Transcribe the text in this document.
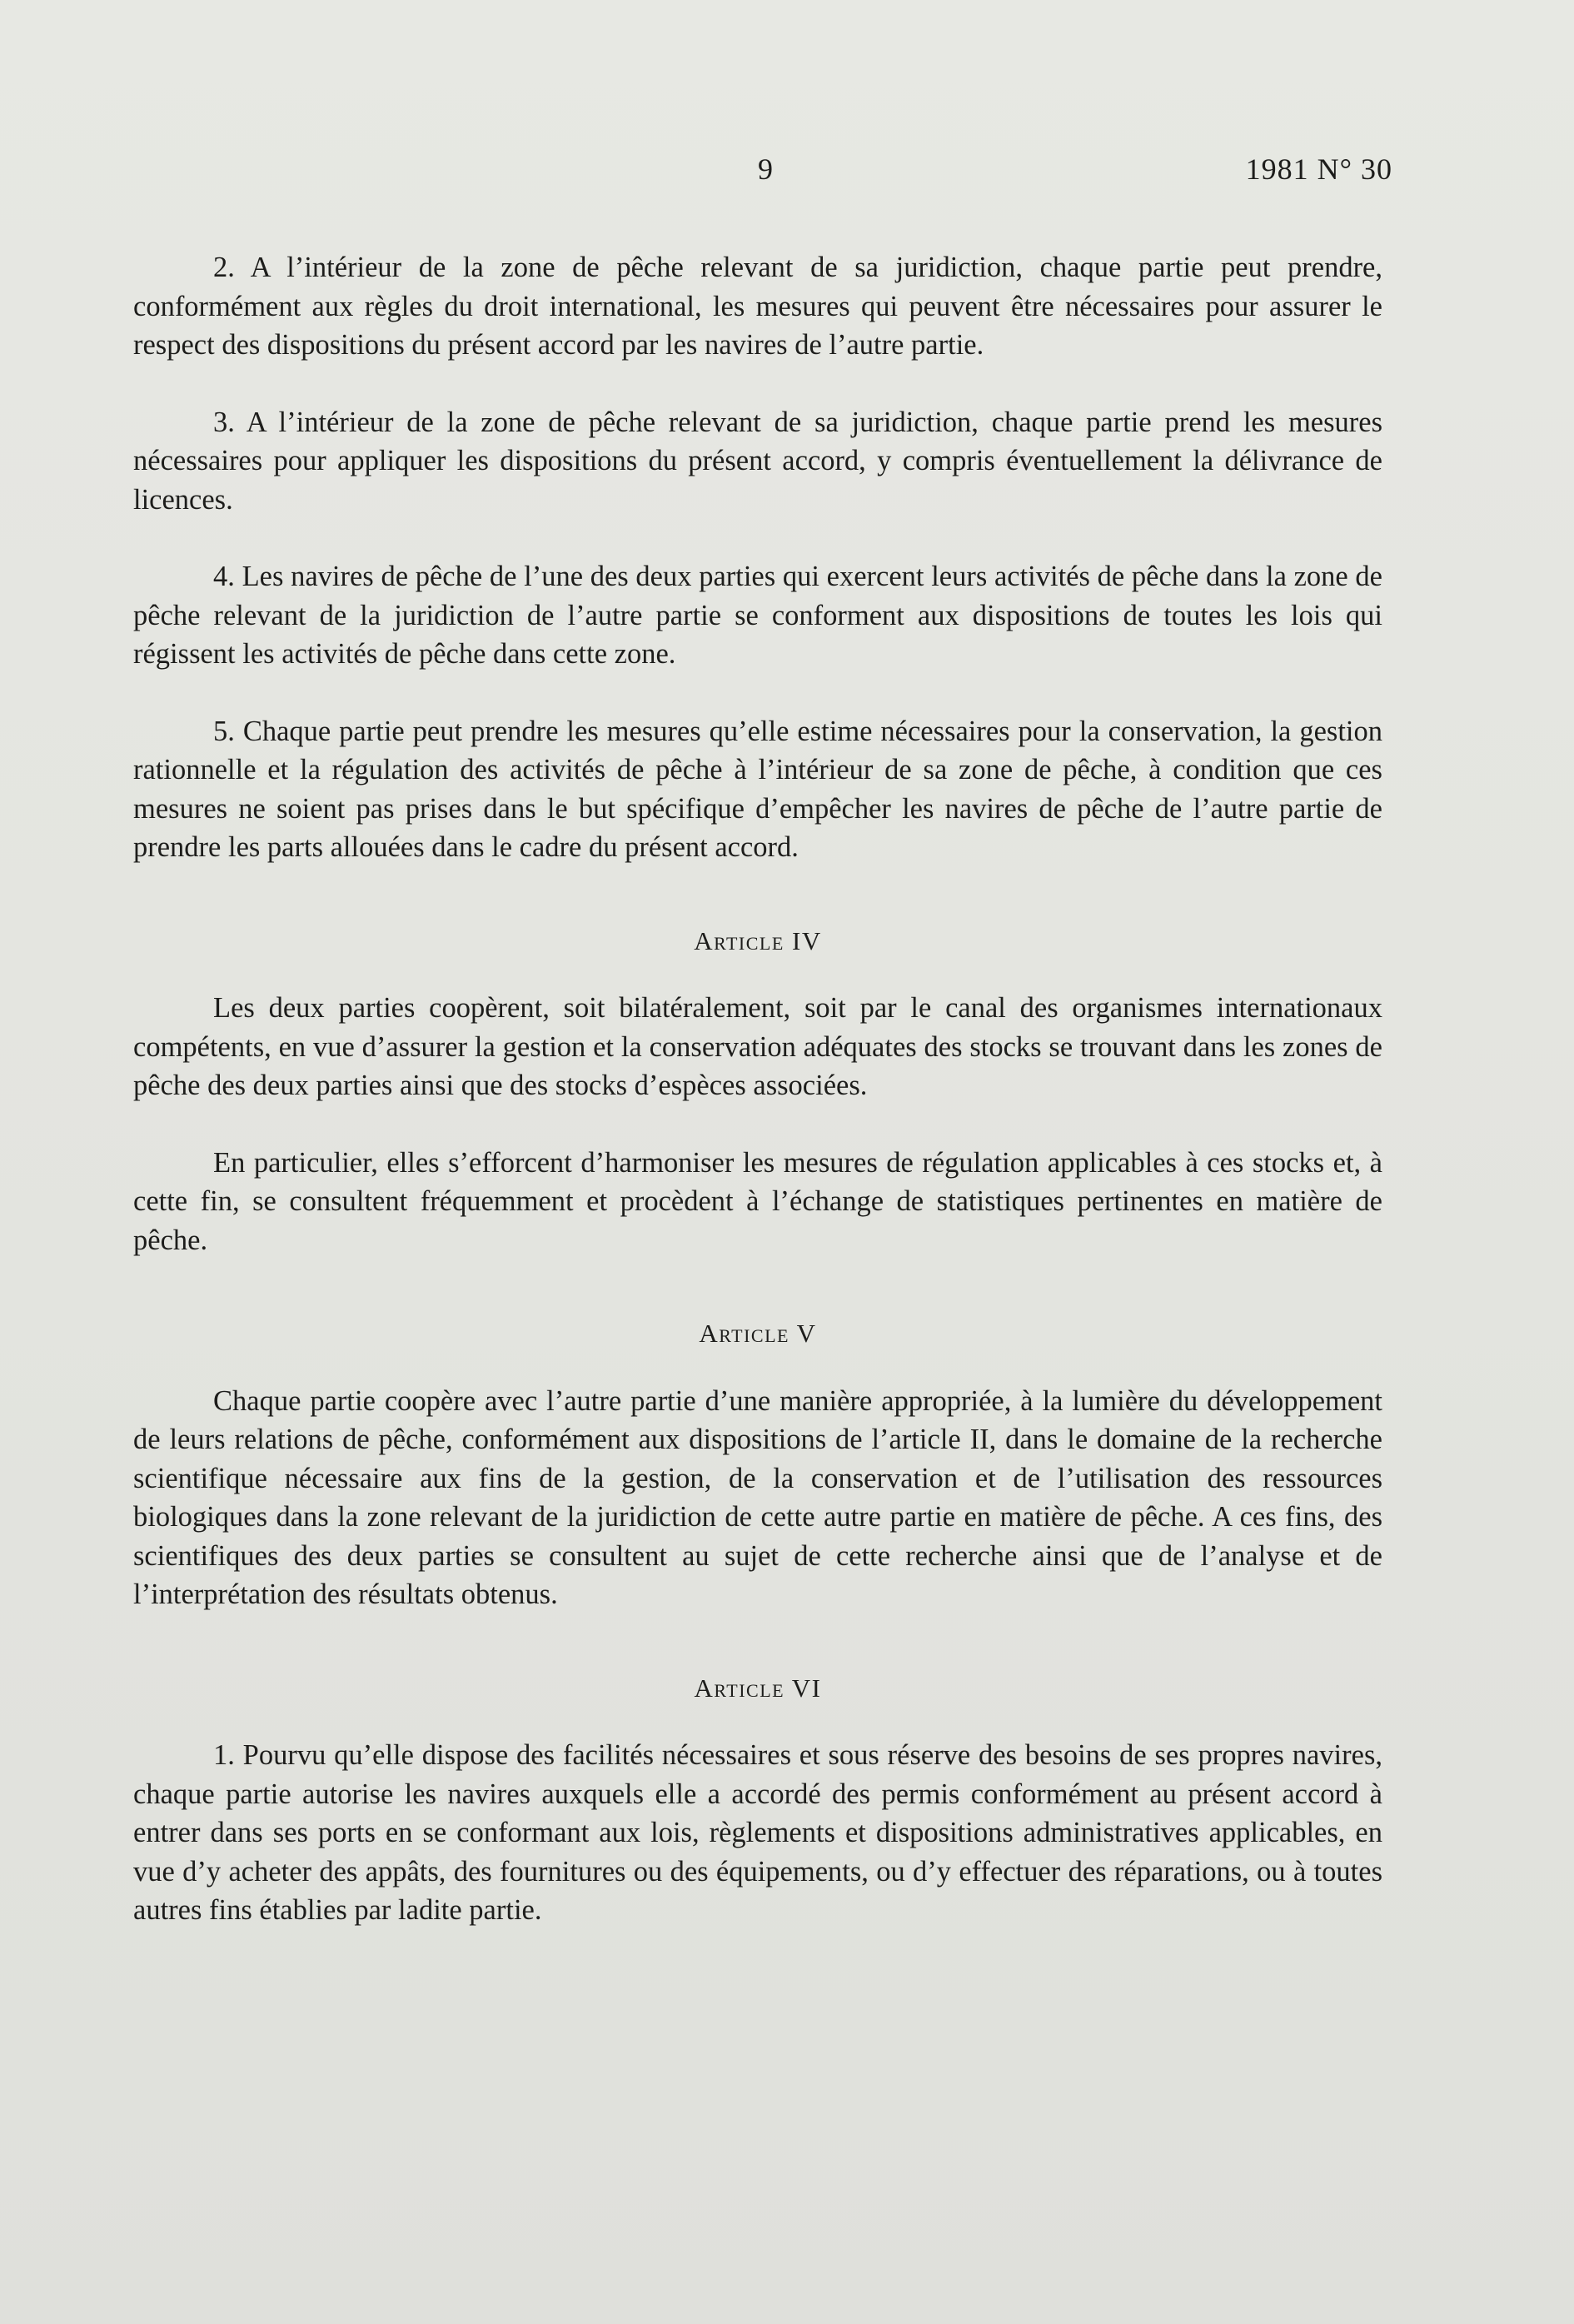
9	1981 N° 30

2. A l’intérieur de la zone de pêche relevant de sa juridiction, chaque partie peut prendre, conformément aux règles du droit international, les mesures qui peuvent être nécessaires pour assurer le respect des dispositions du présent accord par les navires de l’autre partie.

3. A l’intérieur de la zone de pêche relevant de sa juridiction, chaque partie prend les mesures nécessaires pour appliquer les dispositions du présent accord, y compris éventuellement la délivrance de licences.

4. Les navires de pêche de l’une des deux parties qui exercent leurs activités de pêche dans la zone de pêche relevant de la juridiction de l’autre partie se conforment aux dispositions de toutes les lois qui régissent les activités de pêche dans cette zone.

5. Chaque partie peut prendre les mesures qu’elle estime nécessaires pour la conservation, la gestion rationnelle et la régulation des activités de pêche à l’intérieur de sa zone de pêche, à condition que ces mesures ne soient pas prises dans le but spécifique d’empêcher les navires de pêche de l’autre partie de prendre les parts allouées dans le cadre du présent accord.

Article IV

Les deux parties coopèrent, soit bilatéralement, soit par le canal des organismes internationaux compétents, en vue d’assurer la gestion et la conservation adéquates des stocks se trouvant dans les zones de pêche des deux parties ainsi que des stocks d’espèces associées.

En particulier, elles s’efforcent d’harmoniser les mesures de régulation applicables à ces stocks et, à cette fin, se consultent fréquemment et procèdent à l’échange de statistiques pertinentes en matière de pêche.

Article V

Chaque partie coopère avec l’autre partie d’une manière appropriée, à la lumière du développement de leurs relations de pêche, conformément aux dispositions de l’article II, dans le domaine de la recherche scientifique nécessaire aux fins de la gestion, de la conservation et de l’utilisation des ressources biologiques dans la zone relevant de la juridiction de cette autre partie en matière de pêche. A ces fins, des scientifiques des deux parties se consultent au sujet de cette recherche ainsi que de l’analyse et de l’interprétation des résultats obtenus.

Article VI

1. Pourvu qu’elle dispose des facilités nécessaires et sous réserve des besoins de ses propres navires, chaque partie autorise les navires auxquels elle a accordé des permis conformément au présent accord à entrer dans ses ports en se conformant aux lois, règlements et dispositions administratives applicables, en vue d’y acheter des appâts, des fournitures ou des équipements, ou d’y effectuer des réparations, ou à toutes autres fins établies par ladite partie.
